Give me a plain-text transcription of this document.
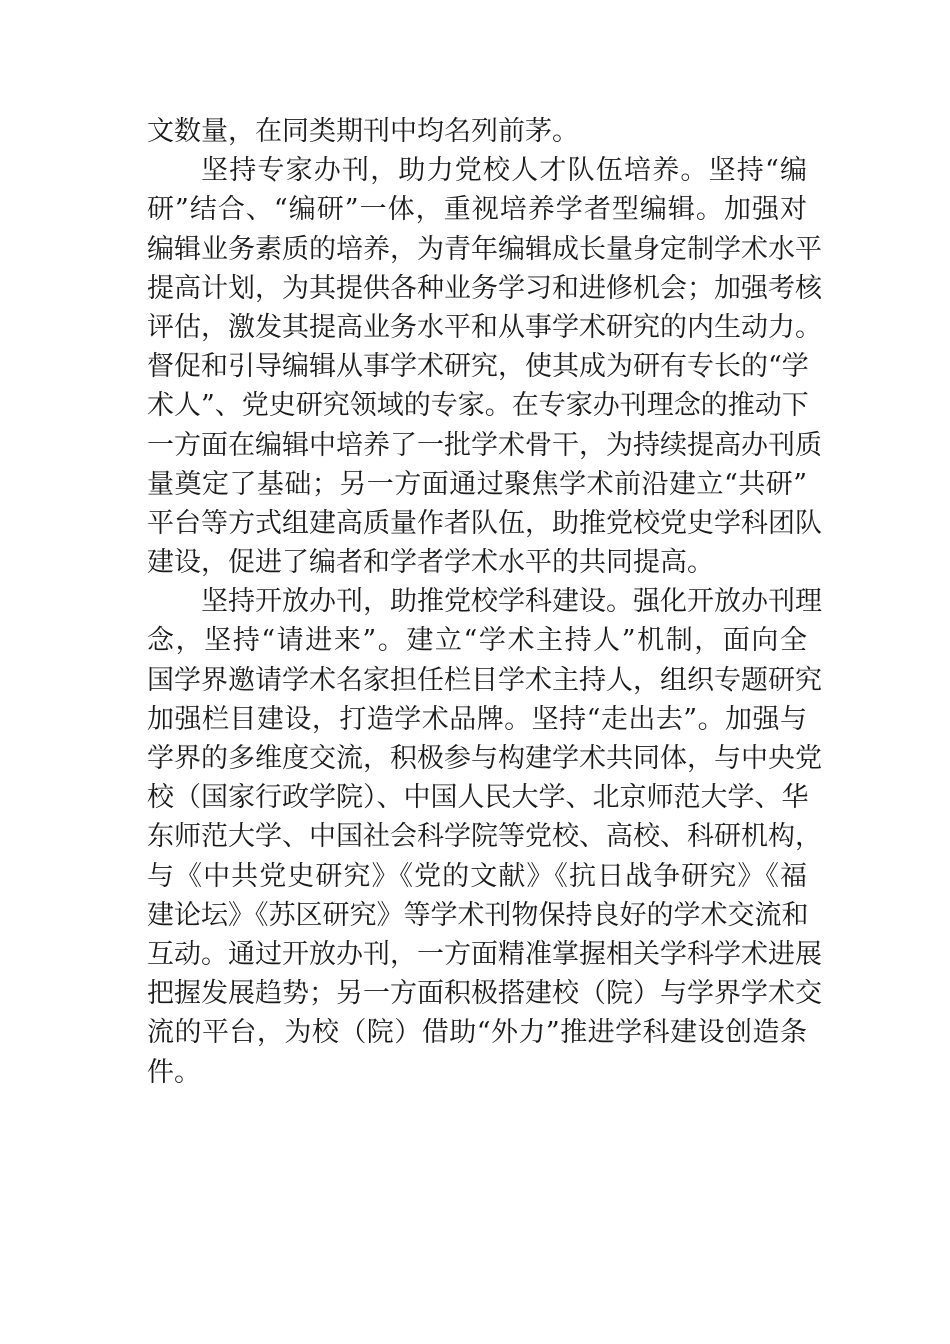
文数量，在同类期刊中均名列前茅。
坚持专家办刊，助力党校人才队伍培养。坚持“编
研”结合、“编研”一体，重视培养学者型编辑。加强对
编辑业务素质的培养，为青年编辑成长量身定制学术水平
提高计划，为其提供各种业务学习和进修机会；加强考核
评估，激发其提高业务水平和从事学术研究的内生动力。
督促和引导编辑从事学术研究，使其成为研有专长的“学
术人”、党史研究领域的专家。在专家办刊理念的推动下
一方面在编辑中培养了一批学术骨干，为持续提高办刊质
量奠定了基础；另一方面通过聚焦学术前沿建立“共研”
平台等方式组建高质量作者队伍，助推党校党史学科团队
建设，促进了编者和学者学术水平的共同提高。
坚持开放办刊，助推党校学科建设。强化开放办刊理
念，坚持“请进来”。建立“学术主持人”机制，面向全
国学界邀请学术名家担任栏目学术主持人，组织专题研究
加强栏目建设，打造学术品牌。坚持“走出去”。加强与
学界的多维度交流，积极参与构建学术共同体，与中央党
校（国家行政学院）、中国人民大学、北京师范大学、华
东师范大学、中国社会科学院等党校、高校、科研机构，
与《中共党史研究》《党的文献》《抗日战争研究》《福
建论坛》《苏区研究》等学术刊物保持良好的学术交流和
互动。通过开放办刊，一方面精准掌握相关学科学术进展
把握发展趋势；另一方面积极搭建校（院）与学界学术交
流的平台，为校（院）借助“外力”推进学科建设创造条
件。
